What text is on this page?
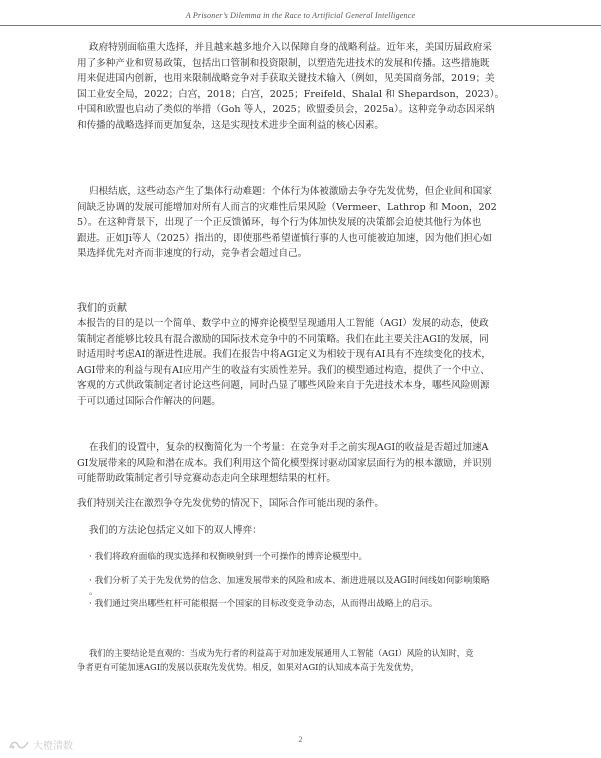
A Prisoner’s Dilemma in the Race to Artificial General Intelligence
政府特别面临重大选择，并且越来越多地介入以保障自身的战略利益。近年来，美国历届政府采
用了多种产业和贸易政策，包括出口管制和投资限制，以塑造先进技术的发展和传播。这些措施既
用来促进国内创新，也用来限制战略竞争对手获取关键技术输入（例如，见美国商务部，2019；美
国工业安全局，2022；白宫，2018；白宫，2025；Freifeld、Shalal 和 Shepardson，2023）。
中国和欧盟也启动了类似的举措（Goh 等人，2025；欧盟委员会，2025a）。这种竞争动态因采纳
和传播的战略选择而更加复杂，这是实现技术进步全面利益的核心因素。
归根结底，这些动态产生了集体行动难题：个体行为体被激励去争夺先发优势，但企业间和国家
间缺乏协调的发展可能增加对所有人而言的灾难性后果风险（Vermeer、Lathrop 和 Moon，202
5）。在这种背景下，出现了一个正反馈循环，每个行为体加快发展的决策都会迫使其他行为体也
跟进。正如Ji等人（2025）指出的，即使那些希望谨慎行事的人也可能被迫加速，因为他们担心如
果选择优先对齐而非速度的行动，竞争者会超过自己。
我们的贡献
本报告的目的是以一个简单、数学中立的博弈论模型呈现通用人工智能（AGI）发展的动态，使政
策制定者能够比较具有混合激励的国际技术竞争中的不同策略。我们在此主要关注AGI的发展，同
时适用时考虑AI的渐进性进展。我们在报告中将AGI定义为相较于现有AI具有不连续变化的技术，
AGI带来的利益与现有AI应用产生的收益有实质性差异。我们的模型通过构造，提供了一个中立、
客观的方式供政策制定者讨论这些问题，同时凸显了哪些风险来自于先进技术本身，哪些风险则源
于可以通过国际合作解决的问题。
在我们的设置中，复杂的权衡简化为一个考量：在竞争对手之前实现AGI的收益是否超过加速A
GI发展带来的风险和潜在成本。我们利用这个简化模型探讨驱动国家层面行为的根本激励，并识别
可能帮助政策制定者引导竞赛动态走向全球理想结果的杠杆。
我们特别关注在激烈争夺先发优势的情况下，国际合作可能出现的条件。
我们的方法论包括定义如下的双人博弈：
· 我们将政府面临的现实选择和权衡映射到一个可操作的博弈论模型中。
· 我们分析了关于先发优势的信念、加速发展带来的风险和成本、渐进进展以及AGI时间线如何影响策略
。
· 我们通过突出哪些杠杆可能根据一个国家的目标改变竞争动态，从而得出战略上的启示。
我们的主要结论是直观的：当成为先行者的利益高于对加速发展通用人工智能（AGI）风险的认知时，竞
争者更有可能加速AGI的发展以获取先发优势。相反，如果对AGI的认知成本高于先发优势，
2
大橙清数
